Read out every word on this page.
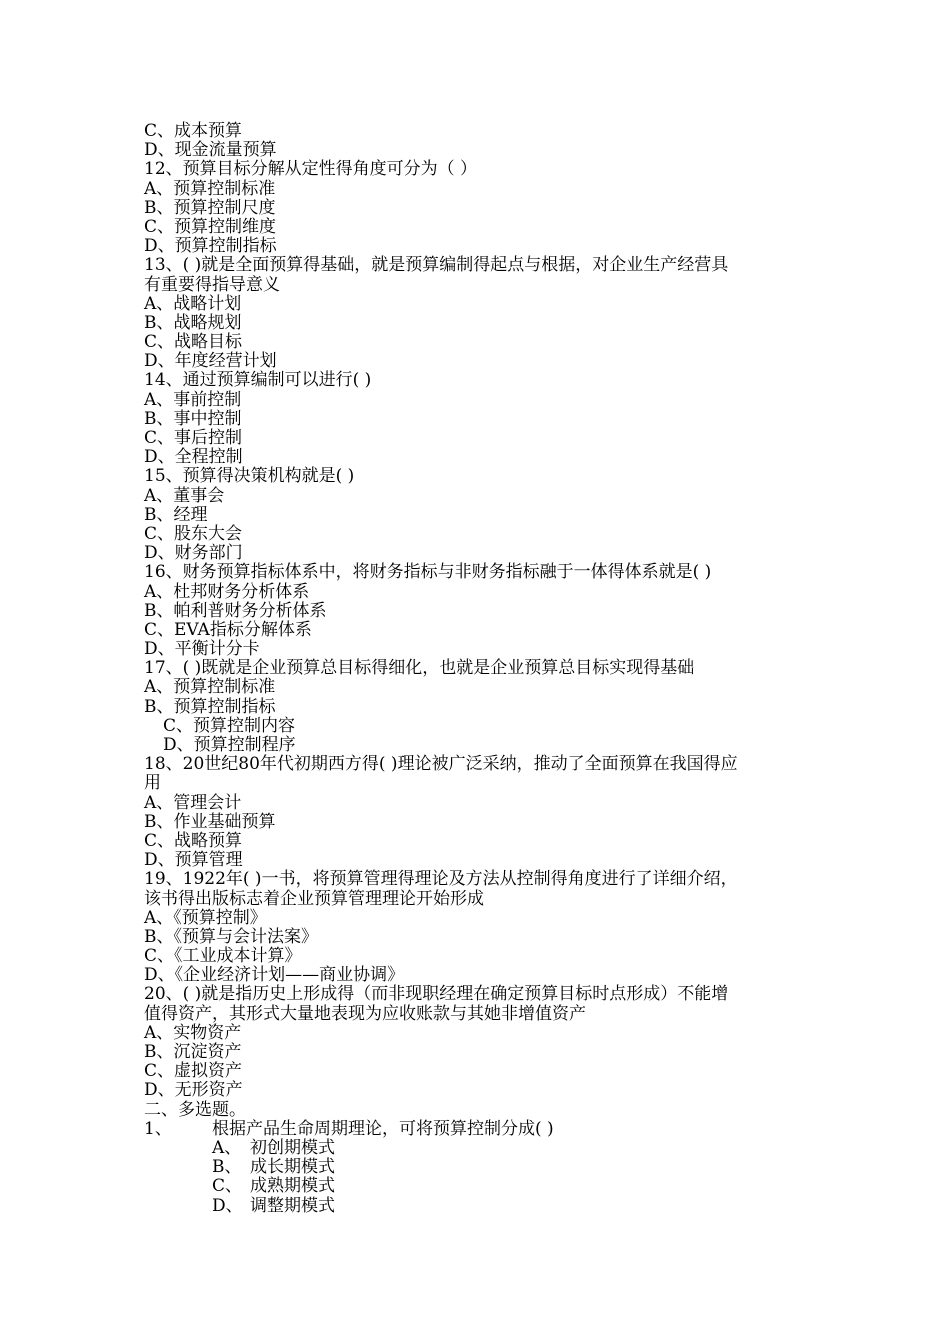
C、成本预算
D、现金流量预算
12、预算目标分解从定性得角度可分为（ ）
A、预算控制标准
B、预算控制尺度
C、预算控制维度
D、预算控制指标
13、( )就是全面预算得基础，就是预算编制得起点与根据，对企业生产经营具
有重要得指导意义
A、战略计划
B、战略规划
C、战略目标
D、年度经营计划
14、通过预算编制可以进行( )
A、事前控制
B、事中控制
C、事后控制
D、全程控制
15、预算得决策机构就是( )
A、董事会
B、经理
C、股东大会
D、财务部门
16、财务预算指标体系中，将财务指标与非财务指标融于一体得体系就是( )
A、杜邦财务分析体系
B、帕利普财务分析体系
C、EVA指标分解体系
D、平衡计分卡
17、( )既就是企业预算总目标得细化，也就是企业预算总目标实现得基础
A、预算控制标准
B、预算控制指标
C、预算控制内容
D、预算控制程序
18、20世纪80年代初期西方得( )理论被广泛采纳，推动了全面预算在我国得应
用
A、管理会计
B、作业基础预算
C、战略预算
D、预算管理
19、1922年( )一书，将预算管理得理论及方法从控制得角度进行了详细介绍，
该书得出版标志着企业预算管理理论开始形成
A、《预算控制》
B、《预算与会计法案》
C、《工业成本计算》
D、《企业经济计划——商业协调》
20、( )就是指历史上形成得（而非现职经理在确定预算目标时点形成）不能增
值得资产，其形式大量地表现为应收账款与其她非增值资产
A、实物资产
B、沉淀资产
C、虚拟资产
D、无形资产
二、多选题。
1、	根据产品生命周期理论，可将预算控制分成( )
A、 初创期模式
B、 成长期模式
C、 成熟期模式
D、 调整期模式
